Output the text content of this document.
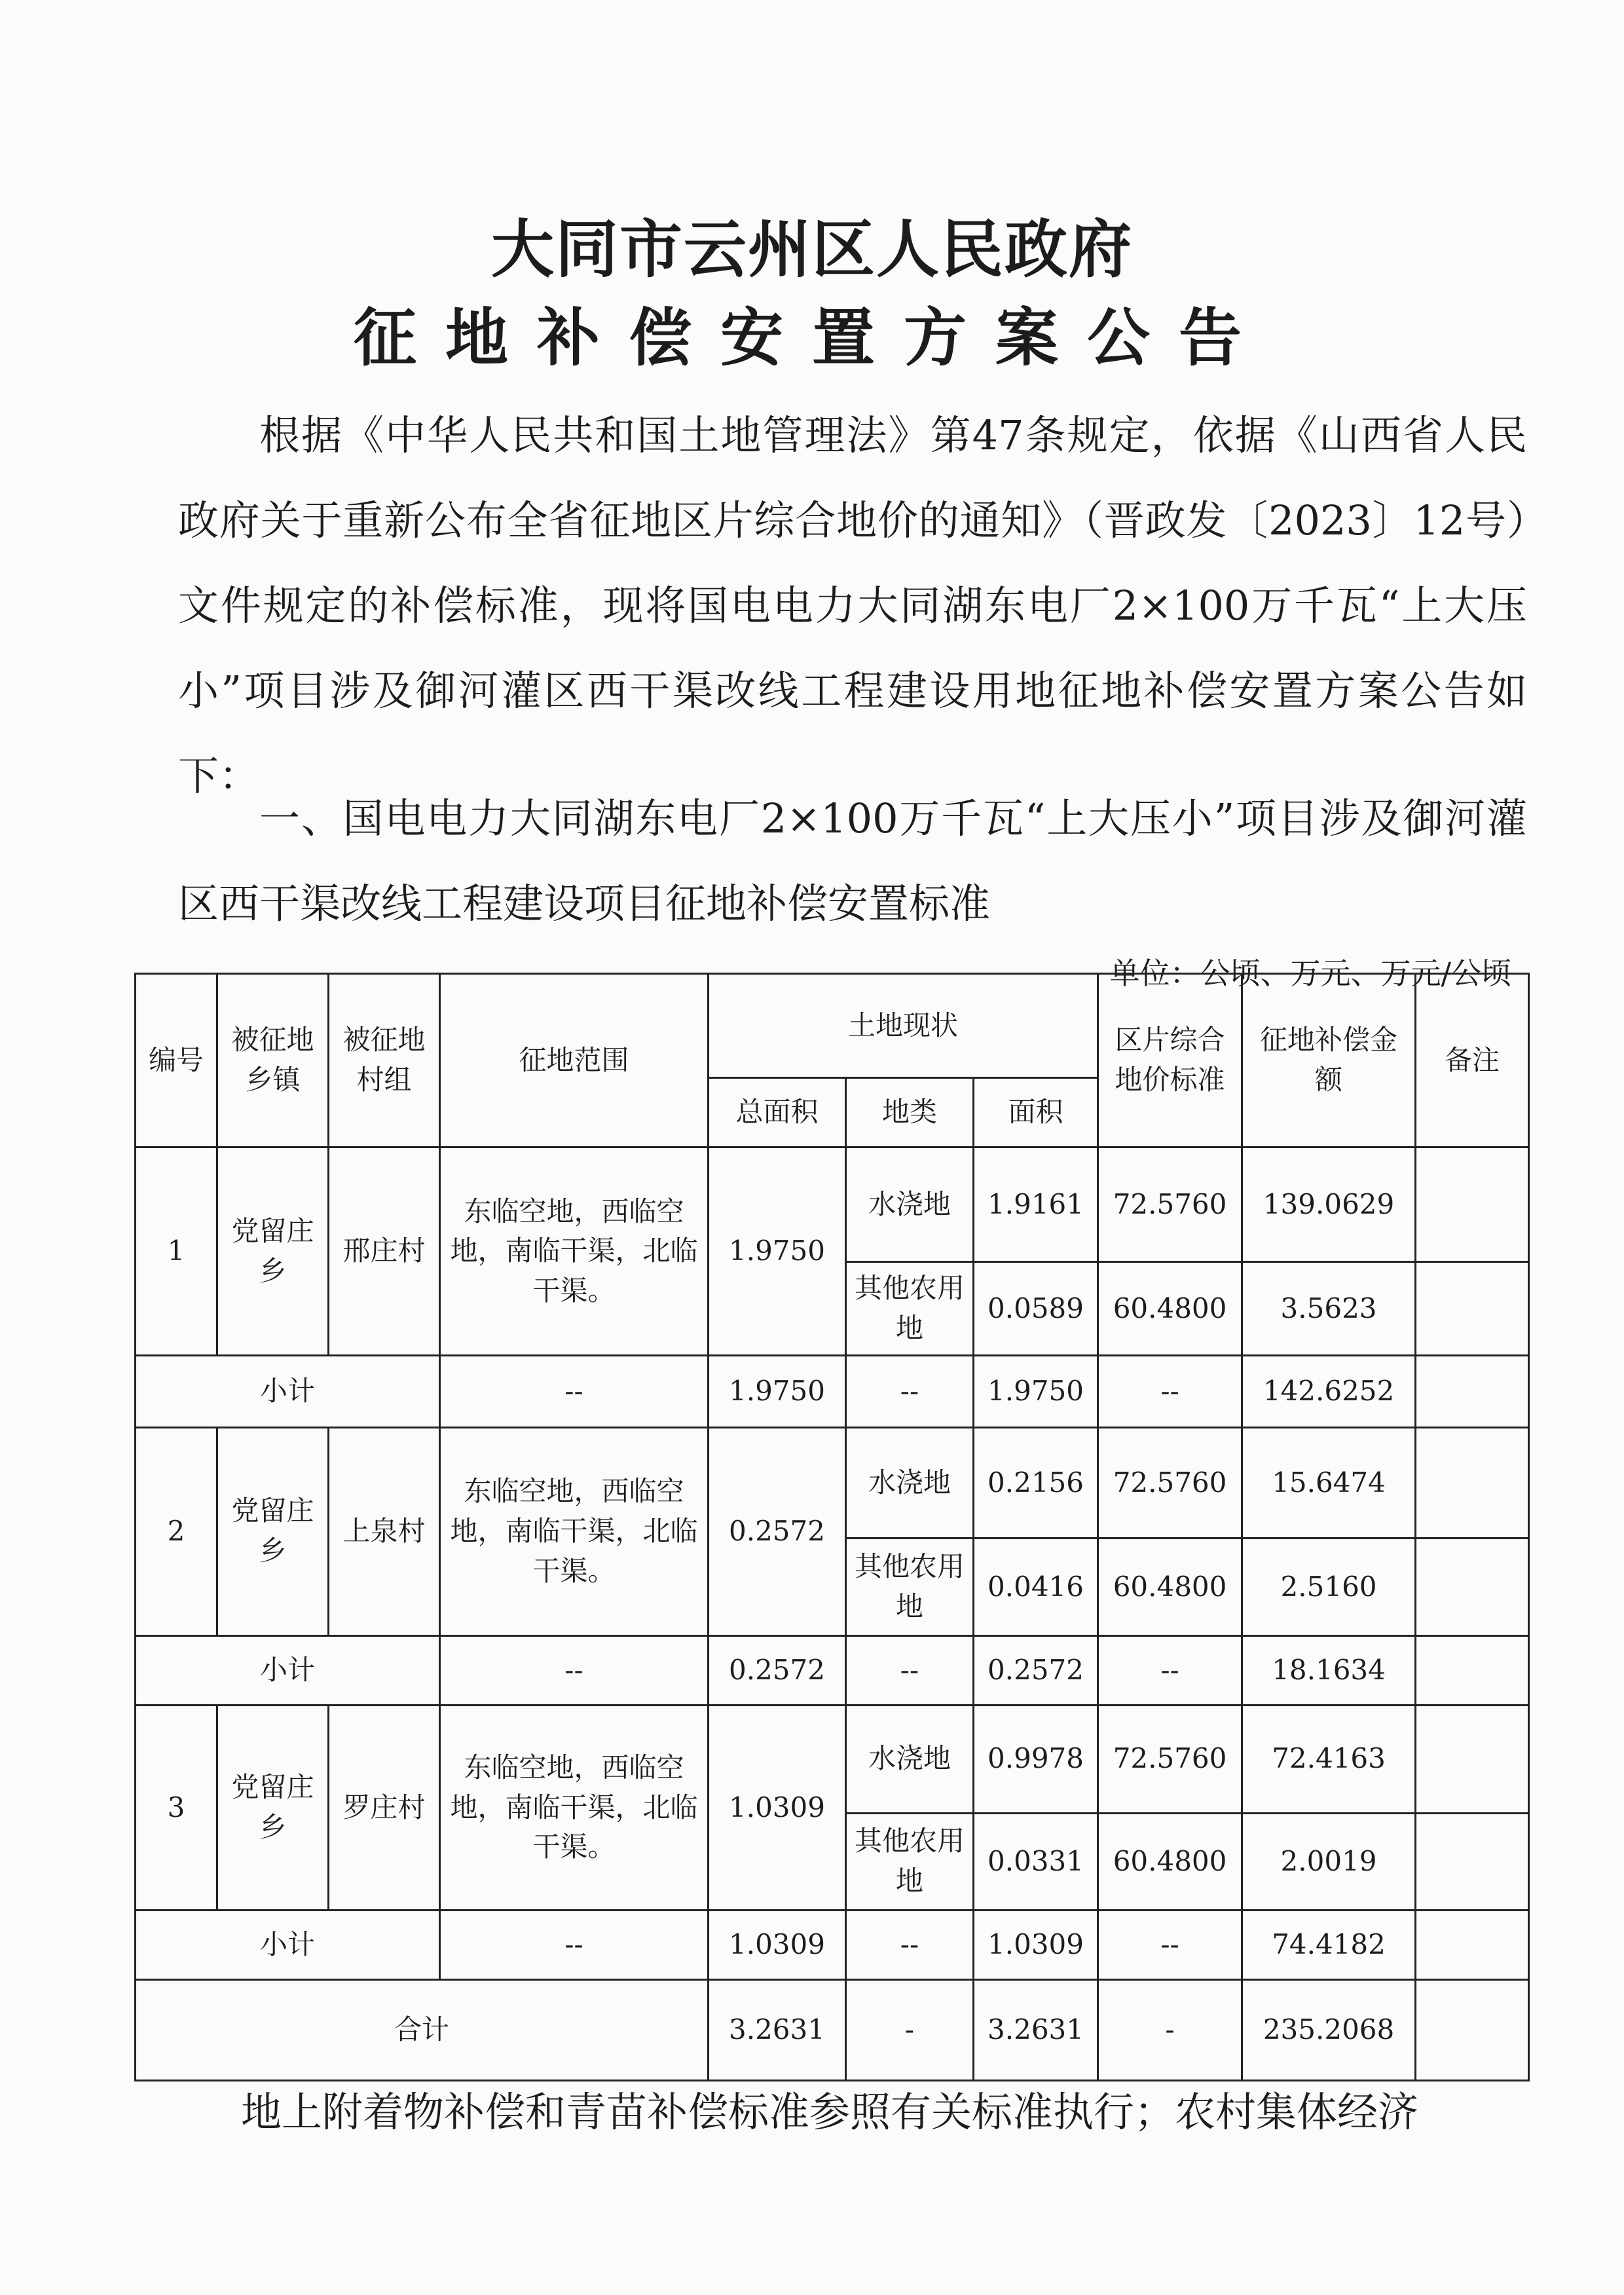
大同市云州区人民政府
征地补偿安置方案公告
根据《中华人民共和国土地管理法》第47条规定，依据《山西省人民政府关于重新公布全省征地区片综合地价的通知》（晋政发〔2023〕12号）文件规定的补偿标准，现将国电电力大同湖东电厂2×100万千瓦“上大压小”项目涉及御河灌区西干渠改线工程建设用地征地补偿安置方案公告如下：
一、国电电力大同湖东电厂2×100万千瓦“上大压小”项目涉及御河灌区西干渠改线工程建设项目征地补偿安置标准
单位：公顷、万元、万元/公顷
编号	被征地乡镇	被征地村组	征地范围	土地现状			区片综合地价标准	征地补偿金额	备注
				总面积	地类	面积			
1	党留庄乡	邢庄村	东临空地，西临空地，南临干渠，北临干渠。	1.9750	水浇地	1.9161	72.5760	139.0629	
					其他农用地	0.0589	60.4800	3.5623	
小计			--	1.9750	--	1.9750	--	142.6252	
2	党留庄乡	上泉村	东临空地，西临空地，南临干渠，北临干渠。	0.2572	水浇地	0.2156	72.5760	15.6474	
					其他农用地	0.0416	60.4800	2.5160	
小计			--	0.2572	--	0.2572	--	18.1634	
3	党留庄乡	罗庄村	东临空地，西临空地，南临干渠，北临干渠。	1.0309	水浇地	0.9978	72.5760	72.4163	
					其他农用地	0.0331	60.4800	2.0019	
小计			--	1.0309	--	1.0309	--	74.4182	
合计				3.2631	-	3.2631	-	235.2068	
地上附着物补偿和青苗补偿标准参照有关标准执行；农村集体经济
